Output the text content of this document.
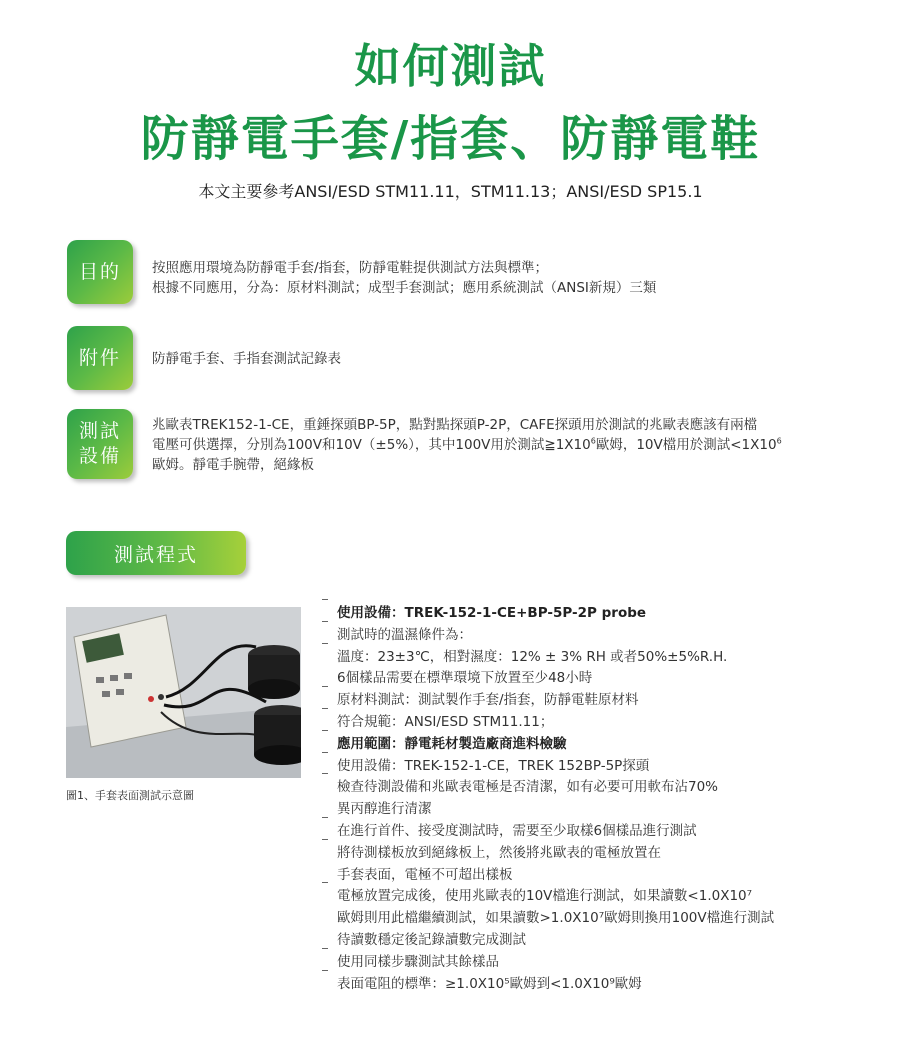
如何測試
防靜電手套/指套、防靜電鞋
本文主要參考ANSI/ESD STM11.11，STM11.13；ANSI/ESD SP15.1
目的 按照應用環境為防靜電手套/指套，防靜電鞋提供測試方法與標準；

根據不同應用，分為：原材料測試；成型手套測試；應用系統測試（ANSI新規）三類

附件 防靜電手套、手指套測試記錄表

測試
設備

兆歐表TREK152-1-CE，重錘探頭BP-5P，點對點探頭P-2P，CAFE探頭用於測試的兆歐表應該有兩檔

電壓可供選擇，分別為100V和10V（±5%），其中100V用於測試$≧1X10^6$歐姆，10V檔用於測試$<1X10^6$

歐姆。靜電手腕帶，絕緣板

測試程式
圖1、手套表面測試示意圖
使用設備：TREK-152-1-CE+BP-5P-2P probe
測試時的溫濕條件為：
溫度：23±3℃，相對濕度：12% ± 3% RH 或者50%±5%R.H.
6個樣品需要在標準環境下放置至少48小時
原材料測試：測試製作手套/指套，防靜電鞋原材料
符合規範：ANSI/ESD STM11.11；
應用範圍：靜電耗材製造廠商進料檢驗
使用設備：TREK-152-1-CE，TREK 152BP-5P探頭
檢查待測設備和兆歐表電極是否清潔，如有必要可用軟布沾70%
異丙醇進行清潔
在進行首件、接受度測試時，需要至少取樣6個樣品進行測試
將待測樣板放到絕緣板上，然後將兆歐表的電極放置在
手套表面，電極不可超出樣板
電極放置完成後，使用兆歐表的10V檔進行測試，如果讀數<1.0X10⁷
歐姆則用此檔繼續測試，如果讀數>1.0X10⁷歐姆則換用100V檔進行測試
待讀數穩定後記錄讀數完成測試
使用同樣步驟測試其餘樣品
表面電阻的標準：≥1.0X10⁵歐姆到<1.0X10⁹歐姆
